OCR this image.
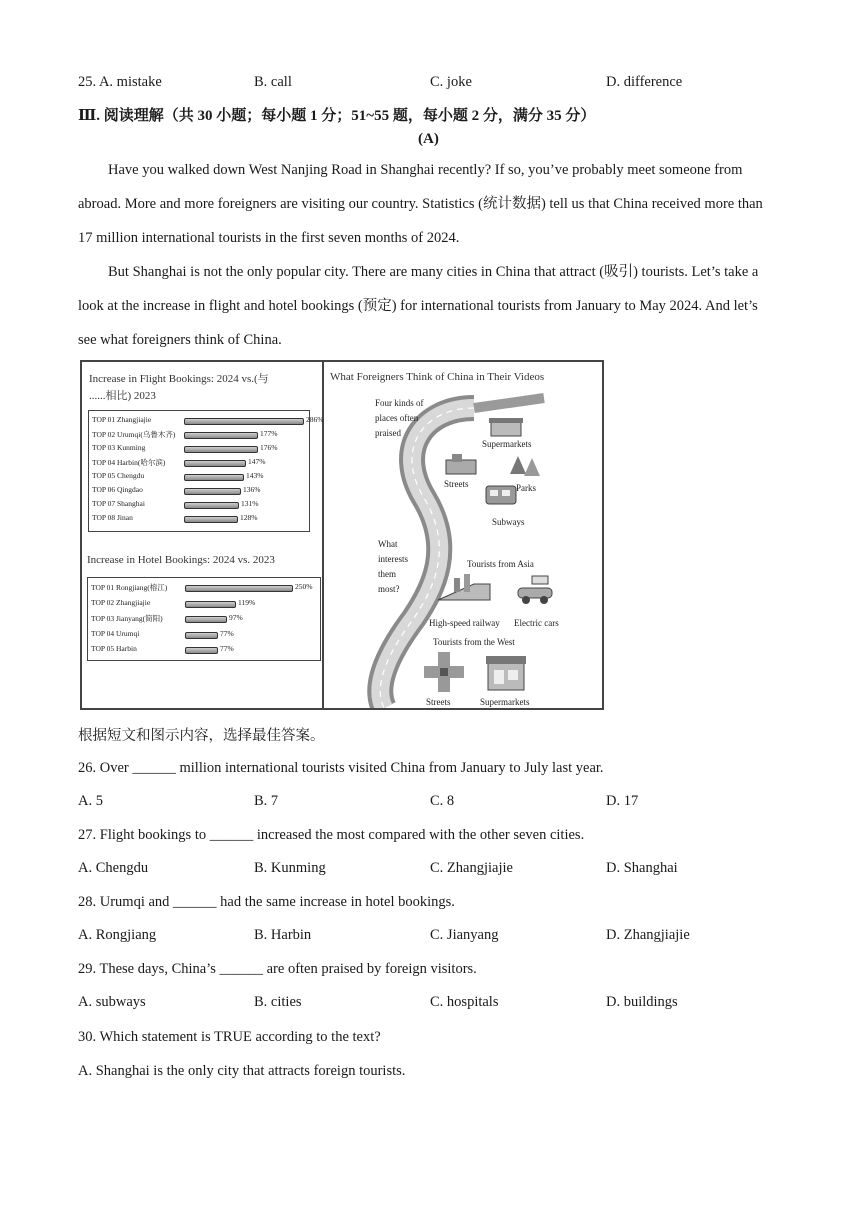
25. A. mistake	B. call	C. joke	D. difference
Ⅲ. 阅读理解（共 30 小题；每小题 1 分；51~55 题，每小题 2 分，满分 35 分）
(A)
Have you walked down West Nanjing Road in Shanghai recently? If so, you’ve probably meet someone from abroad. More and more foreigners are visiting our country. Statistics (统计数据) tell us that China received more than 17 million international tourists in the first seven months of 2024.
But Shanghai is not the only popular city. There are many cities in China that attract (吸引) tourists. Let’s take a look at the increase in flight and hotel bookings (预定) for international tourists from January to May 2024. And let’s see what foreigners think of China.
Increase in Flight Bookings: 2024 vs.(与
......相比) 2023
TOP 01 Zhangjiajie	286%
TOP 02 Urumqi(乌鲁木齐)	177%
TOP 03 Kunming	176%
TOP 04 Harbin(哈尔滨)	147%
TOP 05 Chengdu	143%
TOP 06 Qingdao	136%
TOP 07 Shanghai	131%
TOP 08 Jinan	128%
Increase in Hotel Bookings: 2024 vs. 2023
TOP 01 Rongjiang(榕江)	250%
TOP 02 Zhangjiajie	119%
TOP 03 Jianyang(简阳)	97%
TOP 04 Urumqi	77%
TOP 05 Harbin	77%
What Foreigners Think of China in Their Videos
Four kinds of
places often
praised
Supermarkets
Streets	Parks
Subways
What
interests
them
most?
Tourists from Asia
High-speed railway Electric cars
Tourists from the West
Streets	Supermarkets
根据短文和图示内容，选择最佳答案。
26. Over ______ million international tourists visited China from January to July last year.
A. 5	B. 7	C. 8	D. 17
27. Flight bookings to ______ increased the most compared with the other seven cities.
A. Chengdu	B. Kunming	C. Zhangjiajie	D. Shanghai
28. Urumqi and ______ had the same increase in hotel bookings.
A. Rongjiang	B. Harbin	C. Jianyang	D. Zhangjiajie
29. These days, China’s ______ are often praised by foreign visitors.
A. subways	B. cities	C. hospitals	D. buildings
30. Which statement is TRUE according to the text?
A. Shanghai is the only city that attracts foreign tourists.
